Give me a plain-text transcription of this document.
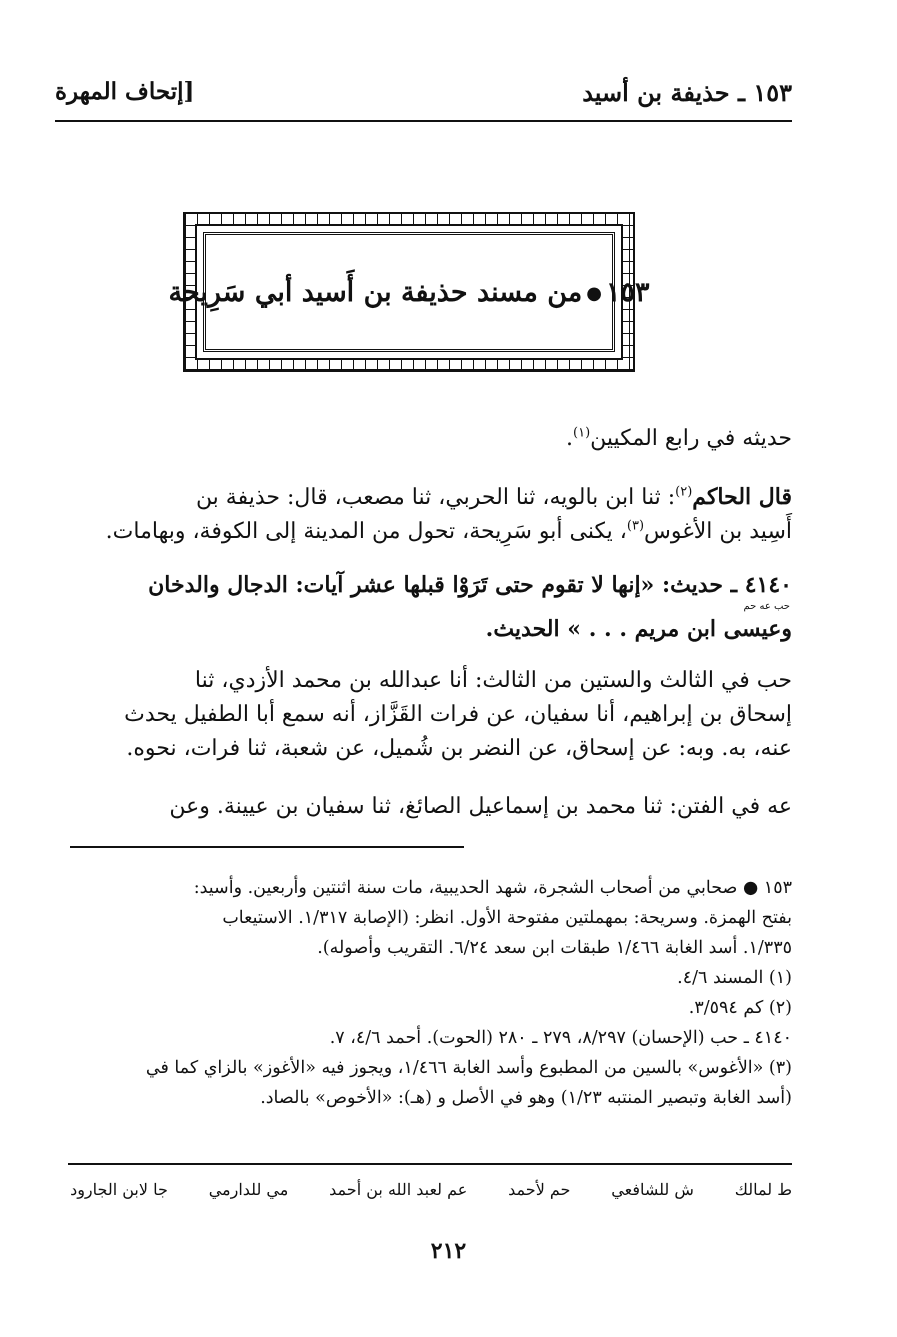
١٥٣ ـ حذيفة بن أسيد
[إتحاف المهرة
١٥٣●من مسند حذيفة بن أَسيد أبي سَرِيحة
حديثه في رابع المكيين$^{(١)}$.
قال الحاكم$^{(٢)}$: ثنا ابن بالويه، ثنا الحربي، ثنا مصعب، قال: حذيفة بن
أَسِيد بن الأغوس$^{(٣)}$، يكنى أبو سَرِيحة، تحول من المدينة إلى الكوفة، وبهامات.
٤١٤٠ ـ حديث: «إنها لا تقوم حتى تَرَوْا قبلها عشر آيات: الدجال والدخان
وعيسى ابن مريم . . . » الحديث.
حب عه حم
حب في الثالث والستين من الثالث: أنا عبدالله بن محمد الأزدي، ثنا
إسحاق بن إبراهيم، أنا سفيان، عن فرات القَزَّاز، أنه سمع أبا الطفيل يحدث
عنه، به. وبه: عن إسحاق، عن النضر بن شُميل، عن شعبة، ثنا فرات، نحوه.
عه في الفتن: ثنا محمد بن إسماعيل الصائغ، ثنا سفيان بن عيينة. وعن
١٥٣ ● صحابي من أصحاب الشجرة، شهد الحديبية، مات سنة اثنتين وأربعين. وأسيد:
بفتح الهمزة. وسريحة: بمهملتين مفتوحة الأول. انظر: (الإصابة ١/٣١٧. الاستيعاب
١/٣٣٥. أسد الغابة ١/٤٦٦ طبقات ابن سعد ٦/٢٤. التقريب وأصوله).
(١) المسند ٤/٦.
(٢) كم ٣/٥٩٤.
٤١٤٠ ـ حب (الإحسان) ٨/٢٩٧، ٢٧٩ ـ ٢٨٠ (الحوت). أحمد ٤/٦، ٧.
(٣) «الأغوس» بالسين من المطبوع وأسد الغابة ١/٤٦٦، ويجوز فيه «الأغوز» بالزاي كما في
(أسد الغابة وتبصير المنتبه ١/٢٣) وهو في الأصل و (هـ): «الأخوص» بالصاد.
ط لمالك
ش للشافعي
حم لأحمد
عم لعبد الله بن أحمد
مي للدارمي
جا لابن الجارود
٢١٢
